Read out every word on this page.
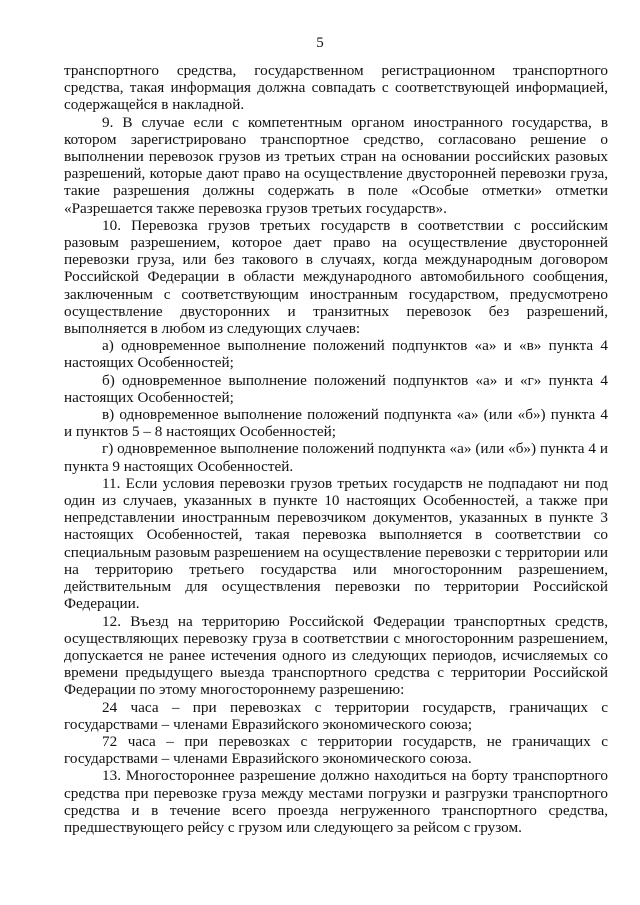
5

транспортного средства, государственном регистрационном транспортного средства, такая информация должна совпадать с соответствующей информацией, содержащейся в накладной.

9. В случае если с компетентным органом иностранного государства, в котором зарегистрировано транспортное средство, согласовано решение о выполнении перевозок грузов из третьих стран на основании российских разовых разрешений, которые дают право на осуществление двусторонней перевозки груза, такие разрешения должны содержать в поле «Особые отметки» отметки «Разрешается также перевозка грузов третьих государств».

10. Перевозка грузов третьих государств в соответствии с российским разовым разрешением, которое дает право на осуществление двусторонней перевозки груза, или без такового в случаях, когда международным договором Российской Федерации в области международного автомобильного сообщения, заключенным с соответствующим иностранным государством, предусмотрено осуществление двусторонних и транзитных перевозок без разрешений, выполняется в любом из следующих случаев:

а) одновременное выполнение положений подпунктов «а» и «в» пункта 4 настоящих Особенностей;

б) одновременное выполнение положений подпунктов «а» и «г» пункта 4 настоящих Особенностей;

в) одновременное выполнение положений подпункта «а» (или «б») пункта 4 и пунктов 5 – 8 настоящих Особенностей;

г) одновременное выполнение положений подпункта «а» (или «б») пункта 4 и пункта 9 настоящих Особенностей.

11. Если условия перевозки грузов третьих государств не подпадают ни под один из случаев, указанных в пункте 10 настоящих Особенностей, а также при непредставлении иностранным перевозчиком документов, указанных в пункте 3 настоящих Особенностей, такая перевозка выполняется в соответствии со специальным разовым разрешением на осуществление перевозки с территории или на территорию третьего государства или многосторонним разрешением, действительным для осуществления перевозки по территории Российской Федерации.

12. Въезд на территорию Российской Федерации транспортных средств, осуществляющих перевозку груза в соответствии с многосторонним разрешением, допускается не ранее истечения одного из следующих периодов, исчисляемых со времени предыдущего выезда транспортного средства с территории Российской Федерации по этому многостороннему разрешению:

24 часа – при перевозках с территории государств, граничащих с государствами – членами Евразийского экономического союза;

72 часа – при перевозках с территории государств, не граничащих с государствами – членами Евразийского экономического союза.

13. Многостороннее разрешение должно находиться на борту транспортного средства при перевозке груза между местами погрузки и разгрузки транспортного средства и в течение всего проезда негруженного транспортного средства, предшествующего рейсу с грузом или следующего за рейсом с грузом.
